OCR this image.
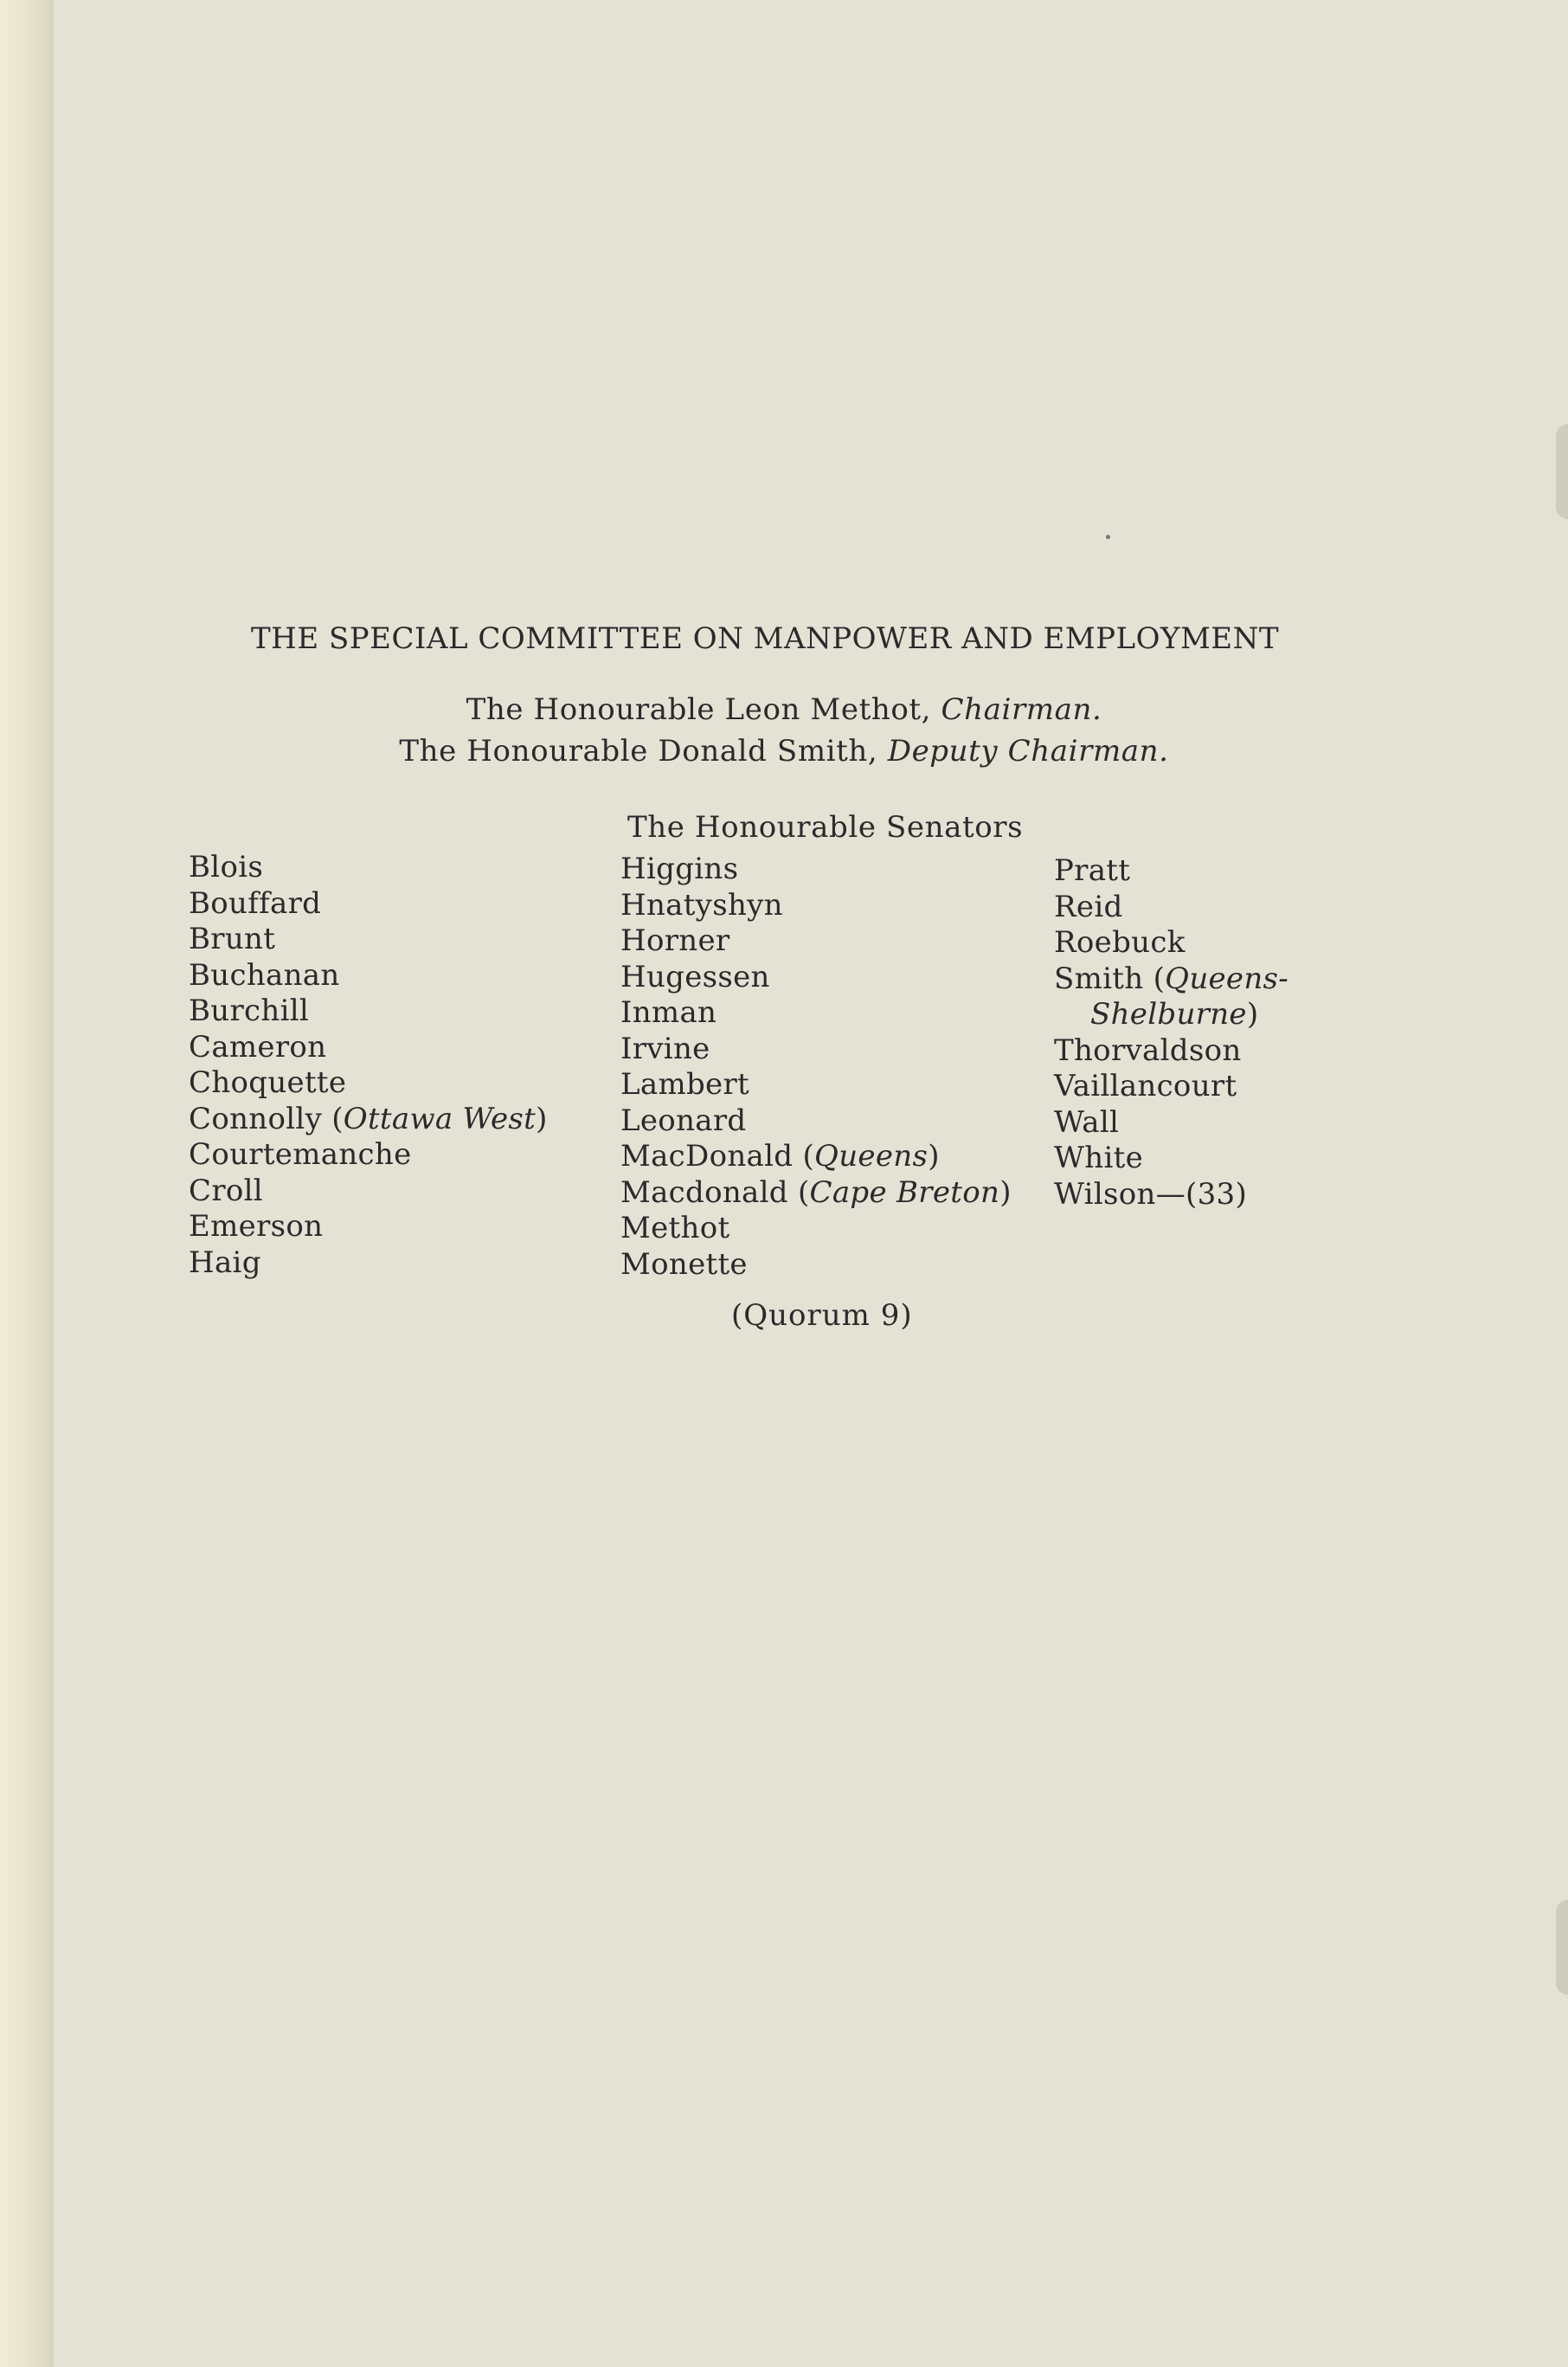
THE SPECIAL COMMITTEE ON MANPOWER AND EMPLOYMENT
The Honourable Leon Methot, Chairman.
The Honourable Donald Smith, Deputy Chairman.
The Honourable Senators
Blois
Bouffard
Brunt
Buchanan
Burchill
Cameron
Choquette
Connolly (Ottawa West)
Courtemanche
Croll
Emerson
Haig
Higgins
Hnatyshyn
Horner
Hugessen
Inman
Irvine
Lambert
Leonard
MacDonald (Queens)
Macdonald (Cape Breton)
Methot
Monette
Pratt
Reid
Roebuck
Smith (Queens-
Shelburne)
Thorvaldson
Vaillancourt
Wall
White
Wilson—(33)
(Quorum 9)
